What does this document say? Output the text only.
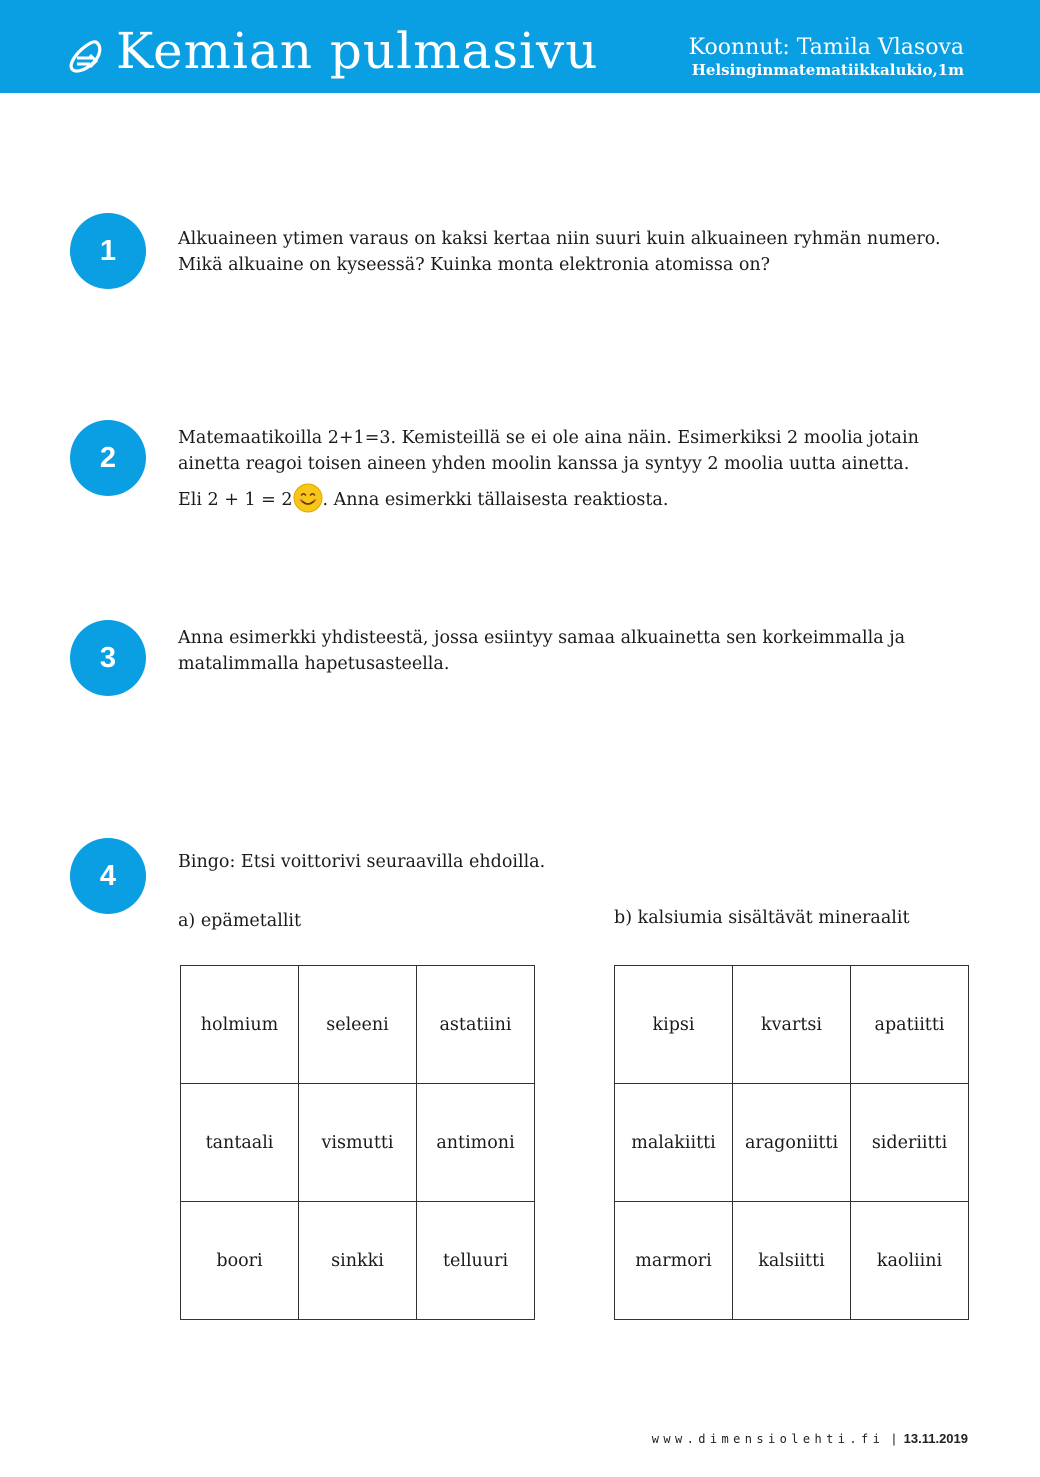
Kemian pulmasivu	Koonnut: Tamila Vlasova
Helsinginmatematiikkalukio,1m
1	Alkuaineen ytimen varaus on kaksi kertaa niin suuri kuin alkuaineen ryhmän numero.

Mikä alkuaine on kyseessä? Kuinka monta elektronia atomissa on?

2

Matemaatikoilla 2+1=3. Kemisteillä se ei ole aina näin. Esimerkiksi 2 moolia jotain

ainetta reagoi toisen aineen yhden moolin kanssa ja syntyy 2 moolia uutta ainetta.

Eli 2 + 1 = 2 . Anna esimerkki tällaisesta reaktiosta.

3

Anna esimerkki yhdisteestä, jossa esiintyy samaa alkuainetta sen korkeimmalla ja

matalimmalla hapetusasteella.

4	Bingo: Etsi voittorivi seuraavilla ehdoilla.
a) epämetallit	b) kalsiumia sisältävät mineraalit
holmium	seleeni	astatiini
tantaali	vismutti	antimoni
boori	sinkki	telluuri
kipsi	kvartsi	apatiitti
malakiitti	aragoniitti	sideriitti
marmori	kalsiitti	kaoliini
www.dimensiolehti.fi | 13.11.2019
